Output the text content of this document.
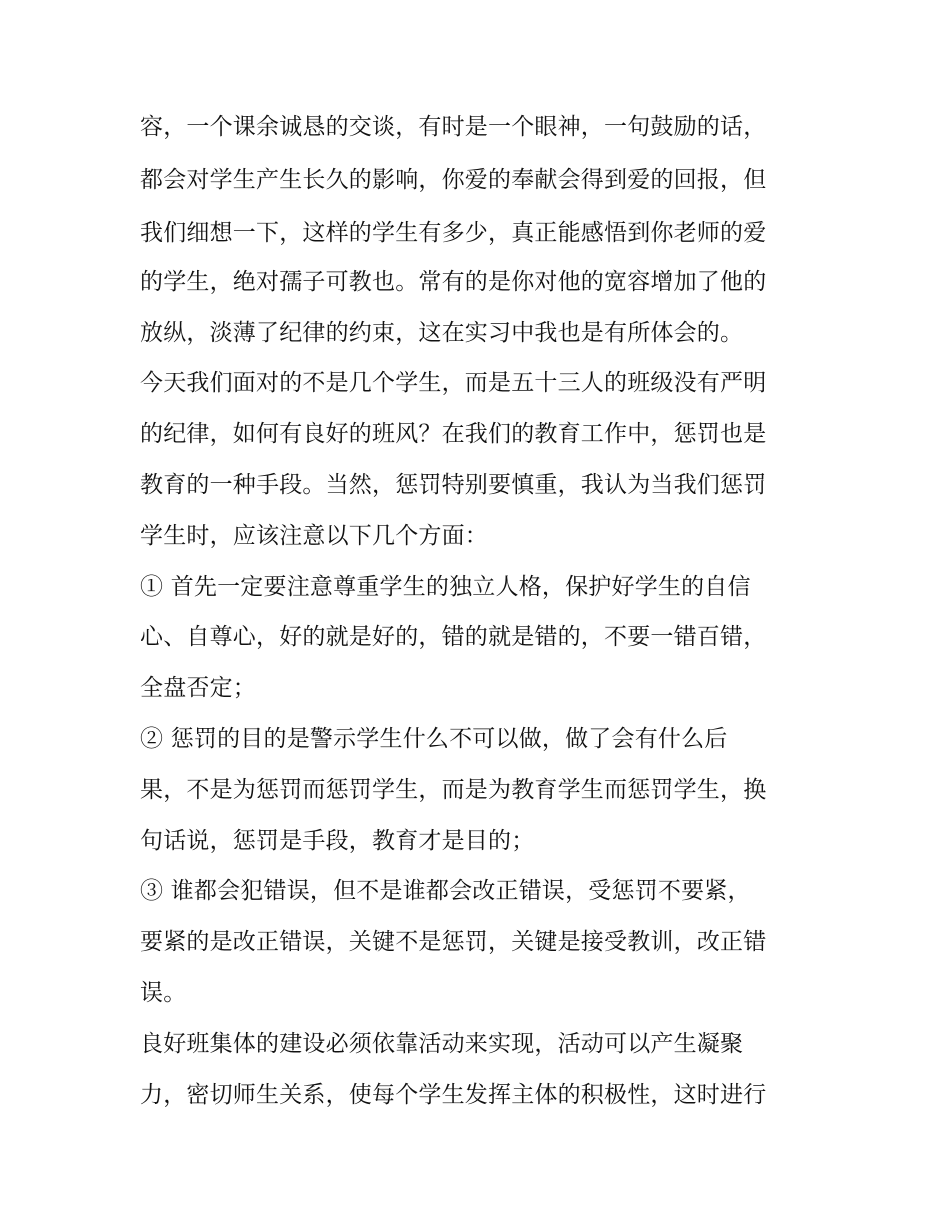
容，一个课余诚恳的交谈，有时是一个眼神，一句鼓励的话，
都会对学生产生长久的影响，你爱的奉献会得到爱的回报，但
我们细想一下，这样的学生有多少，真正能感悟到你老师的爱
的学生，绝对孺子可教也。常有的是你对他的宽容增加了他的
放纵，淡薄了纪律的约束，这在实习中我也是有所体会的。
今天我们面对的不是几个学生，而是五十三人的班级没有严明
的纪律，如何有良好的班风？在我们的教育工作中，惩罚也是
教育的一种手段。当然，惩罚特别要慎重，我认为当我们惩罚
学生时，应该注意以下几个方面：
① 首先一定要注意尊重学生的独立人格，保护好学生的自信
心、自尊心，好的就是好的，错的就是错的，不要一错百错，
全盘否定；
② 惩罚的目的是警示学生什么不可以做，做了会有什么后
果，不是为惩罚而惩罚学生，而是为教育学生而惩罚学生，换
句话说，惩罚是手段，教育才是目的；
③ 谁都会犯错误，但不是谁都会改正错误，受惩罚不要紧，
要紧的是改正错误，关键不是惩罚，关键是接受教训，改正错
误。
良好班集体的建设必须依靠活动来实现，活动可以产生凝聚
力，密切师生关系，使每个学生发挥主体的积极性，这时进行
